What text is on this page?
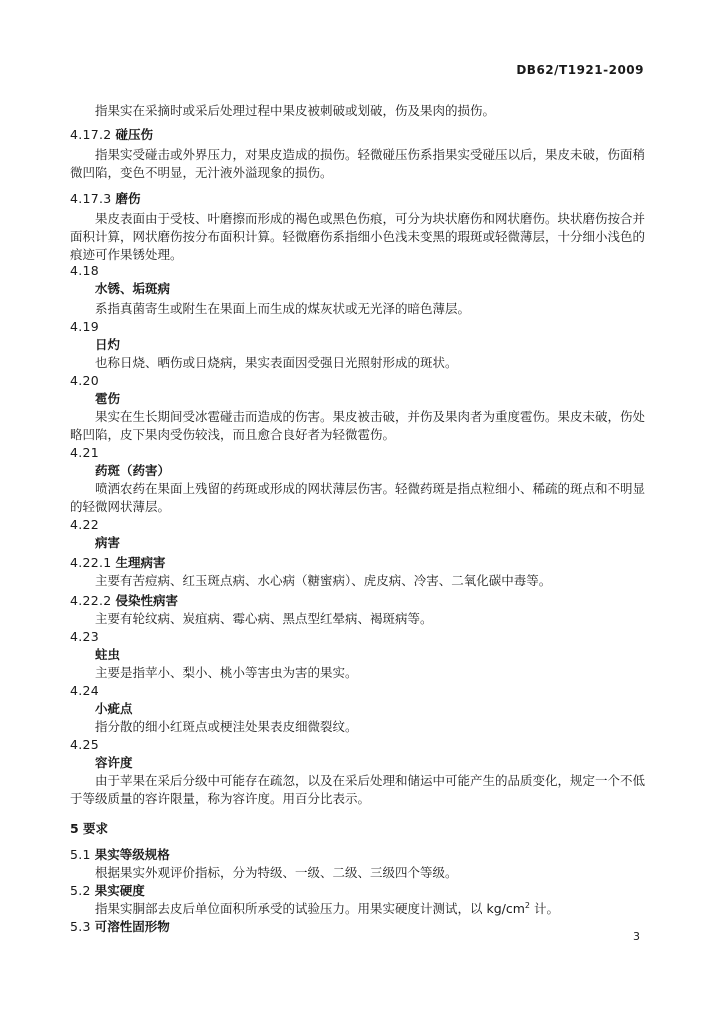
DB62/T1921-2009
指果实在采摘时或采后处理过程中果皮被刺破或划破，伤及果肉的损伤。
4.17.2 碰压伤
指果实受碰击或外界压力，对果皮造成的损伤。轻微碰压伤系指果实受碰压以后，果皮未破，伤面稍
微凹陷，变色不明显，无汁液外溢现象的损伤。
4.17.3 磨伤
果皮表面由于受枝、叶磨擦而形成的褐色或黑色伤痕，可分为块状磨伤和网状磨伤。块状磨伤按合并
面积计算，网状磨伤按分布面积计算。轻微磨伤系指细小色浅未变黑的瑕斑或轻微薄层，十分细小浅色的
痕迹可作果锈处理。
4.18
水锈、垢斑病
系指真菌寄生或附生在果面上而生成的煤灰状或无光泽的暗色薄层。
4.19
日灼
也称日烧、晒伤或日烧病，果实表面因受强日光照射形成的斑状。
4.20
雹伤
果实在生长期间受冰雹碰击而造成的伤害。果皮被击破，并伤及果肉者为重度雹伤。果皮未破，伤处
略凹陷，皮下果肉受伤较浅，而且愈合良好者为轻微雹伤。
4.21
药斑（药害）
喷洒农药在果面上残留的药斑或形成的网状薄层伤害。轻微药斑是指点粒细小、稀疏的斑点和不明显
的轻微网状薄层。
4.22
病害
4.22.1 生理病害
主要有苦痘病、红玉斑点病、水心病（糖蜜病）、虎皮病、冷害、二氧化碳中毒等。
4.22.2 侵染性病害
主要有轮纹病、炭疽病、霉心病、黑点型红晕病、褐斑病等。
4.23
蛀虫
主要是指苹小、梨小、桃小等害虫为害的果实。
4.24
小疵点
指分散的细小红斑点或梗洼处果表皮细微裂纹。
4.25
容许度
由于苹果在采后分级中可能存在疏忽，以及在采后处理和储运中可能产生的品质变化，规定一个不低
于等级质量的容许限量，称为容许度。用百分比表示。
5 要求
5.1 果实等级规格
根据果实外观评价指标，分为特级、一级、二级、三级四个等级。
5.2 果实硬度
指果实胴部去皮后单位面积所承受的试验压力。用果实硬度计测试，以 $kg/cm^2$ 计。
5.3 可溶性固形物
3
